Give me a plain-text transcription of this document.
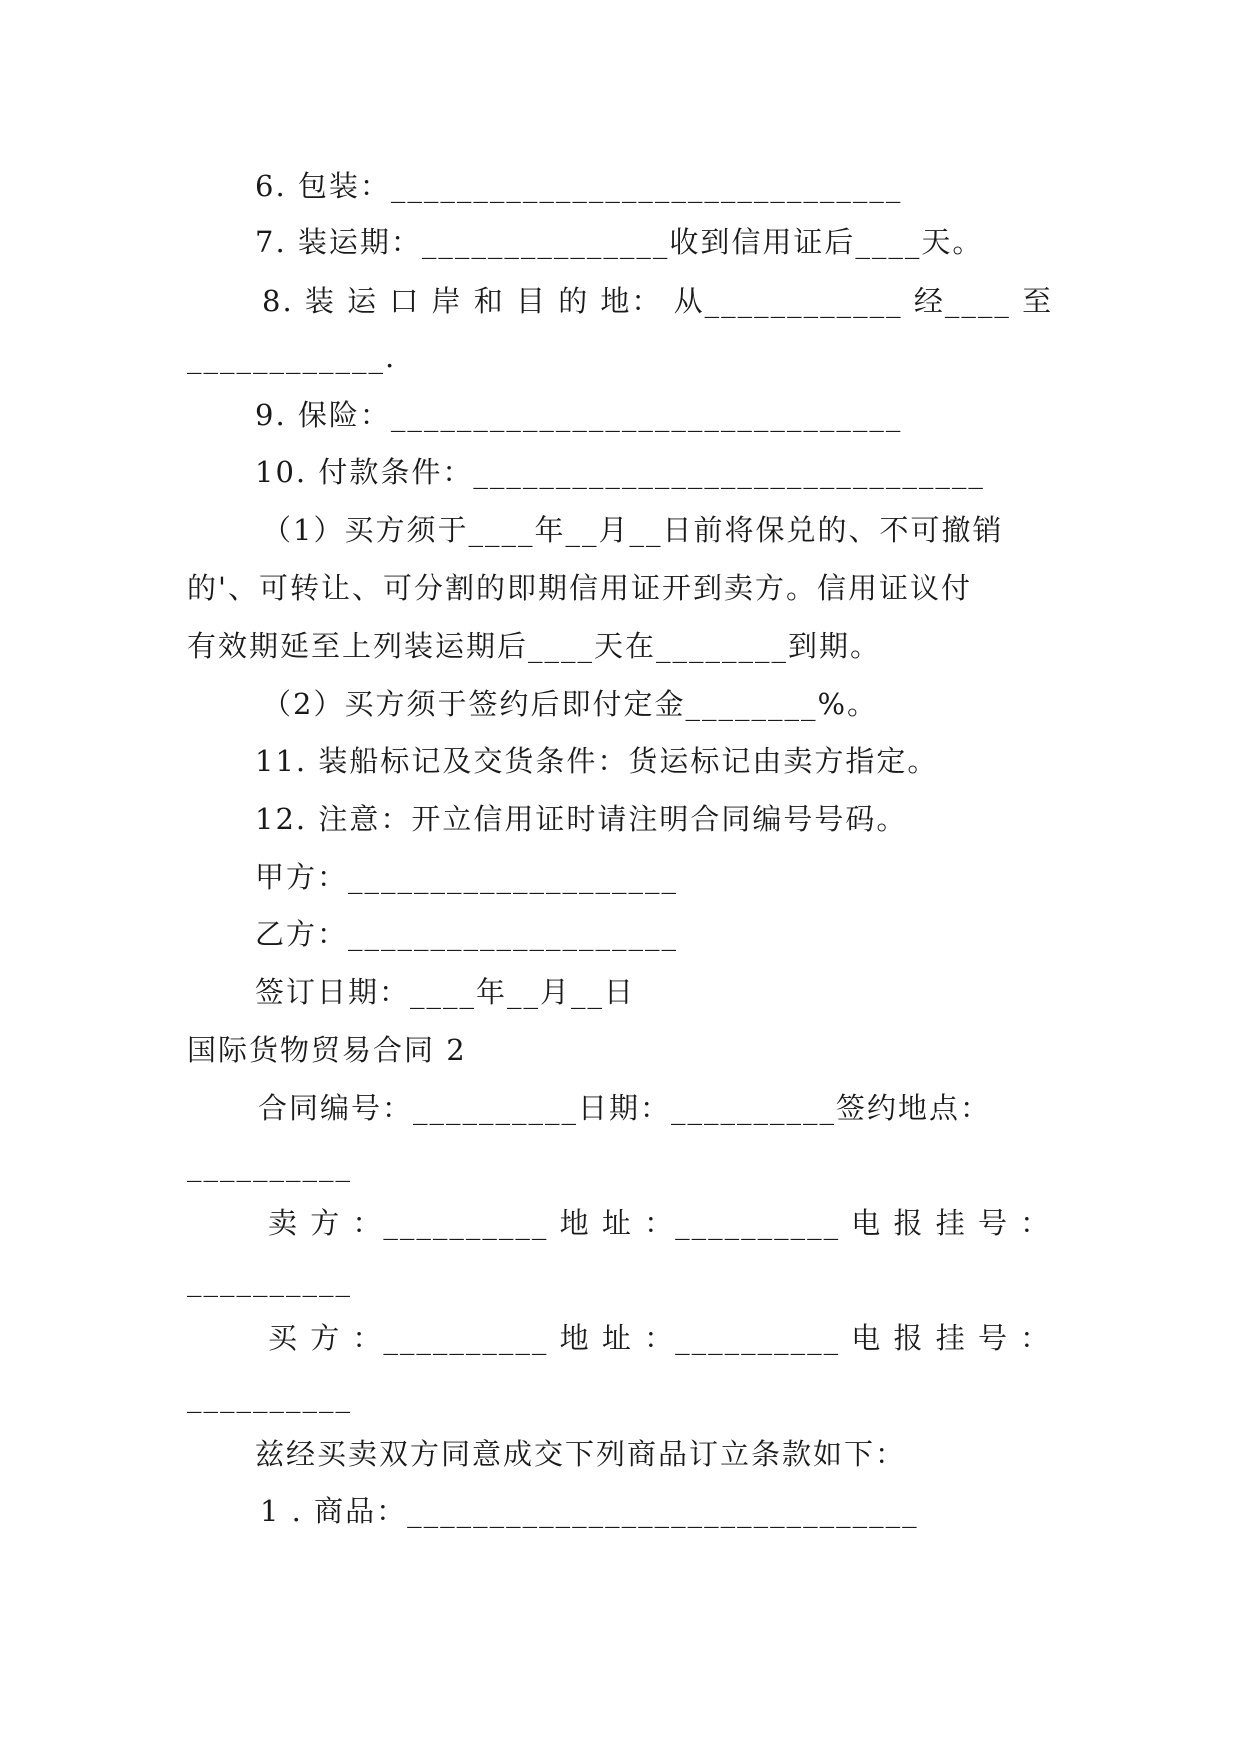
6. 包装：_______________________________
7. 装运期：_______________收到信用证后____天。
8. 装 运 口 岸 和 目 的 地： 从____________ 经____ 至
____________.
9. 保险：_______________________________
10. 付款条件：_______________________________
（1）买方须于____年__月__日前将保兑的、不可撤销
的'、可转让、可分割的即期信用证开到卖方。信用证议付
有效期延至上列装运期后____天在________到期。
（2）买方须于签约后即付定金________%。
11. 装船标记及交货条件：货运标记由卖方指定。
12. 注意：开立信用证时请注明合同编号号码。
甲方：____________________
乙方：____________________
签订日期：____年__月__日
国际货物贸易合同 2
合同编号：__________日期：__________签约地点：
__________
卖 方 ：__________ 地 址 ：__________ 电 报 挂 号 ：
__________
买 方 ：__________ 地 址 ：__________ 电 报 挂 号 ：
__________
兹经买卖双方同意成交下列商品订立条款如下：
1 . 商品：_______________________________
